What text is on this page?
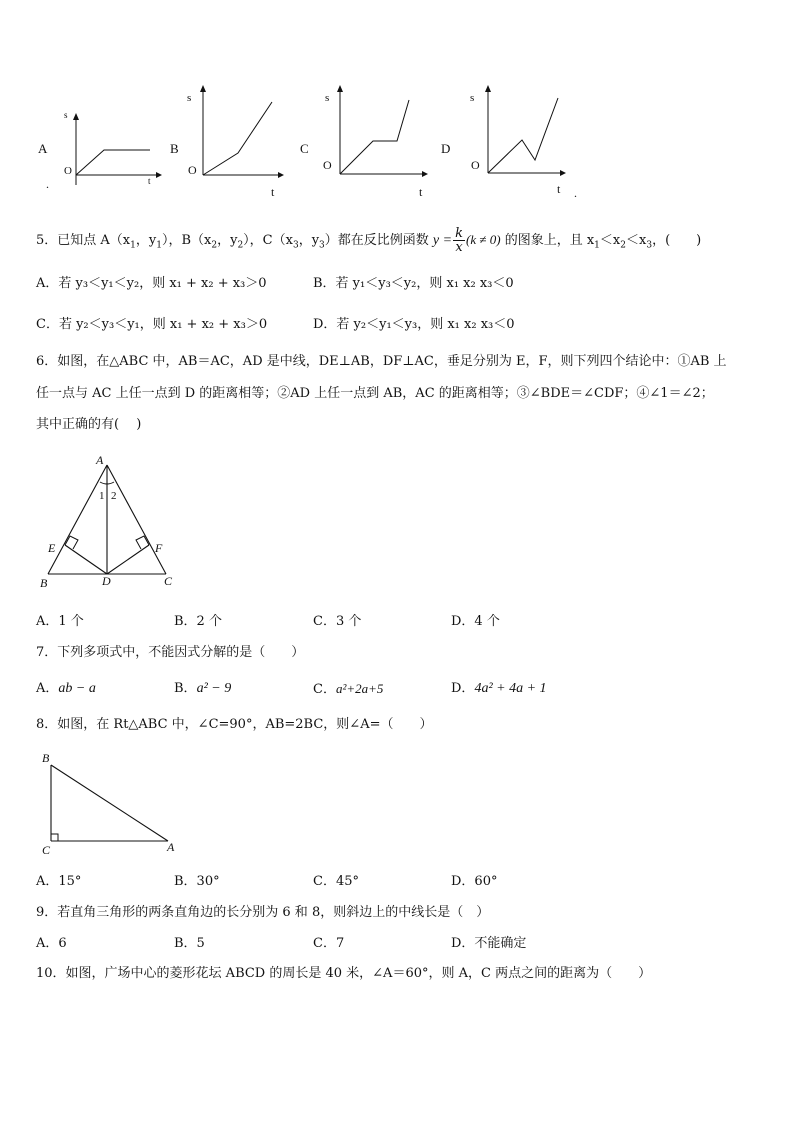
A
s
O
t
.
B
s
O
t
C
s
O
t
D
s
O
t .
5．已知点 $A(x_1$，$y_1$），$B(x_2$，$y_2$），$C(x_3$，$y_3$）都在反比例函数 $y = \frac{k}{x} (k \ne 0)$ 的图象上，且 $x_1<x_2<x_3$，(　　)
A．若 y₃＜y₁＜y₂，则 x₁ + x₂ + x₃＞0	B．若 y₁＜y₃＜y₂，则 x₁ x₂ x₃＜0
C．若 y₂＜y₃＜y₁，则 x₁ + x₂ + x₃＞0	D．若 y₂＜y₁＜y₃，则 x₁ x₂ x₃＜0
6．如图，在△ABC 中，AB＝AC，AD 是中线，DE⊥AB，DF⊥AC，垂足分别为 E，F，则下列四个结论中：①AB 上
任一点与 AC 上任一点到 D 的距离相等；②AD 上任一点到 AB，AC 的距离相等；③∠BDE＝∠CDF；④∠1＝∠2；
其中正确的有(　 )
A
1 2
E	F
B	D	C
A．1 个	B．2 个	C．3 个	D．4 个
7．下列多项式中，不能因式分解的是（　　）
A．ab − a	B．a² − 9	C．a²+2a+5	D．4a² + 4a + 1
8．如图，在 Rt△ABC 中，∠C=90°，AB=2BC，则∠A=（　　）
B
C	A
A．15°	B．30°	C．45°	D．60°
9．若直角三角形的两条直角边的长分别为 6 和 8，则斜边上的中线长是（　）
A．6	B．5	C．7	D．不能确定
10．如图，广场中心的菱形花坛 ABCD 的周长是 40 米，∠A＝60°，则 A，C 两点之间的距离为（　　）
